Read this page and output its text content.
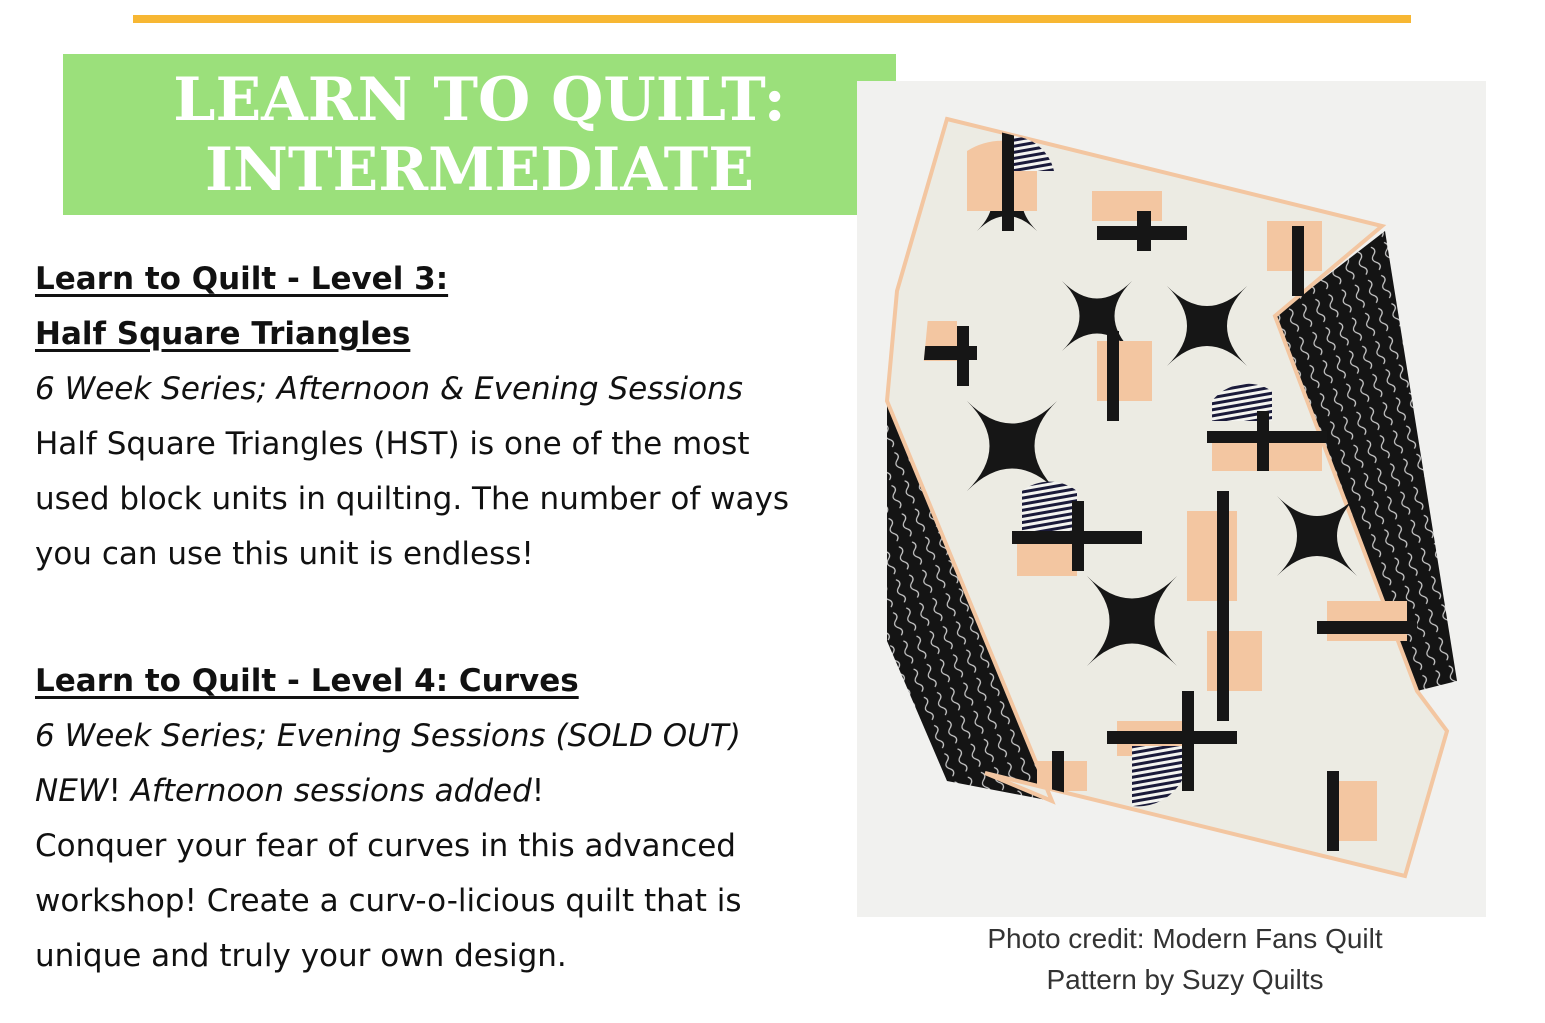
LEARN TO QUILT:
INTERMEDIATE

Learn to Quilt - Level 3:

Half Square Triangles

6 Week Series; Afternoon & Evening Sessions

Half Square Triangles (HST) is one of the most

used block units in quilting. The number of ways

you can use this unit is endless!

Learn to Quilt - Level 4: Curves

6 Week Series; Evening Sessions (SOLD OUT)

NEW! Afternoon sessions added!

Conquer your fear of curves in this advanced

workshop! Create a curv-o-licious quilt that is

unique and truly your own design.	Photo credit: Modern Fans Quilt
Pattern by Suzy Quilts
